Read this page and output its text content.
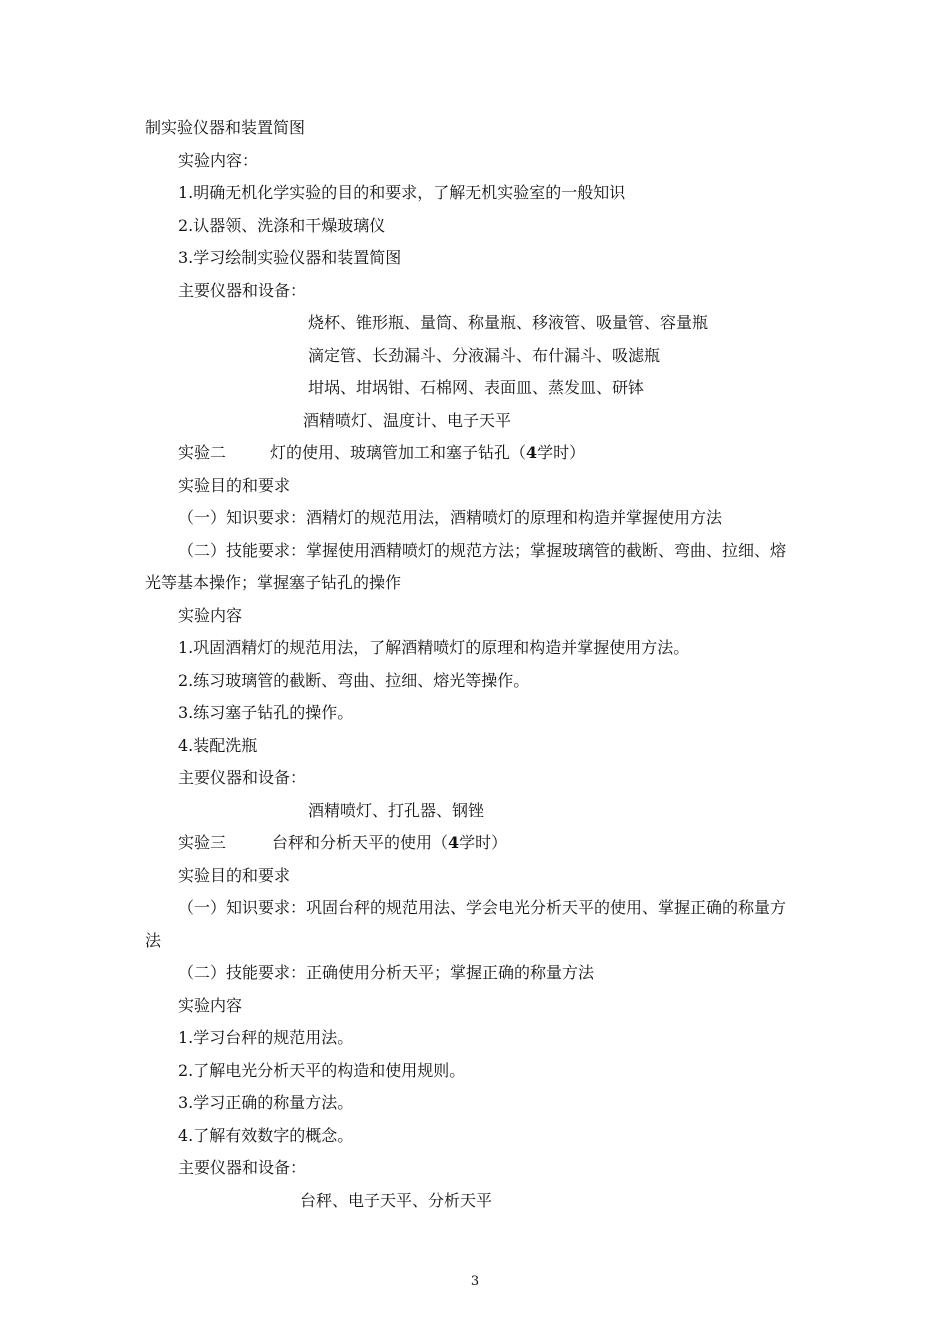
制实验仪器和装置简图
实验内容：
1.明确无机化学实验的目的和要求，了解无机实验室的一般知识
2.认器领、洗涤和干燥玻璃仪
3.学习绘制实验仪器和装置简图
主要仪器和设备：
烧杯、锥形瓶、量筒、称量瓶、移液管、吸量管、容量瓶
滴定管、长劲漏斗、分液漏斗、布什漏斗、吸滤瓶
坩埚、坩埚钳、石棉网、表面皿、蒸发皿、研钵
酒精喷灯、温度计、电子天平
实验二	灯的使用、玻璃管加工和塞子钻孔（4学时）
实验目的和要求
（一）知识要求：酒精灯的规范用法，酒精喷灯的原理和构造并掌握使用方法
（二）技能要求：掌握使用酒精喷灯的规范方法；掌握玻璃管的截断、弯曲、拉细、熔
光等基本操作；掌握塞子钻孔的操作
实验内容
1.巩固酒精灯的规范用法，了解酒精喷灯的原理和构造并掌握使用方法。
2.练习玻璃管的截断、弯曲、拉细、熔光等操作。
3.练习塞子钻孔的操作。
4.装配洗瓶
主要仪器和设备：
酒精喷灯、打孔器、钢锉
实验三	台秤和分析天平的使用（4学时）
实验目的和要求
（一）知识要求：巩固台秤的规范用法、学会电光分析天平的使用、掌握正确的称量方
法
（二）技能要求：正确使用分析天平；掌握正确的称量方法
实验内容
1.学习台秤的规范用法。
2.了解电光分析天平的构造和使用规则。
3.学习正确的称量方法。
4.了解有效数字的概念。
主要仪器和设备：
台秤、电子天平、分析天平
3
